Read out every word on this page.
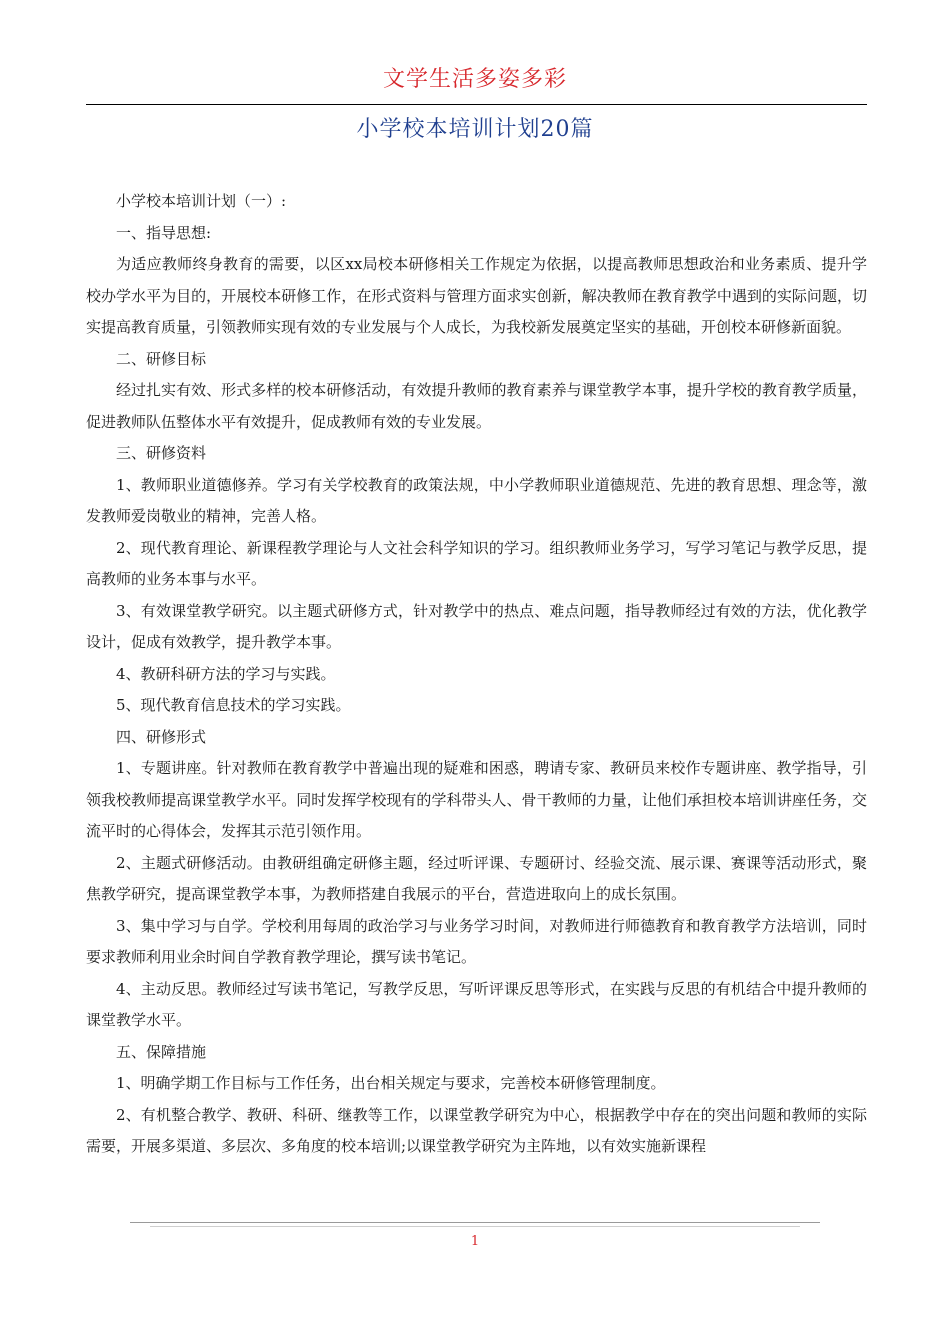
文学生活多姿多彩
小学校本培训计划20篇

小学校本培训计划（一）:

一、指导思想:

为适应教师终身教育的需要，以区xx局校本研修相关工作规定为依据，以提高教师思想政治和业务素质、提升学校办学水平为目的，开展校本研修工作，在形式资料与管理方面求实创新，解决教师在教育教学中遇到的实际问题，切实提高教育质量，引领教师实现有效的专业发展与个人成长，为我校新发展奠定坚实的基础，开创校本研修新面貌。

二、研修目标

经过扎实有效、形式多样的校本研修活动，有效提升教师的教育素养与课堂教学本事，提升学校的教育教学质量，促进教师队伍整体水平有效提升，促成教师有效的专业发展。

三、研修资料

1、教师职业道德修养。学习有关学校教育的政策法规，中小学教师职业道德规范、先进的教育思想、理念等，激发教师爱岗敬业的精神，完善人格。

2、现代教育理论、新课程教学理论与人文社会科学知识的学习。组织教师业务学习，写学习笔记与教学反思，提高教师的业务本事与水平。

3、有效课堂教学研究。以主题式研修方式，针对教学中的热点、难点问题，指导教师经过有效的方法，优化教学设计，促成有效教学，提升教学本事。

4、教研科研方法的学习与实践。

5、现代教育信息技术的学习实践。

四、研修形式

1、专题讲座。针对教师在教育教学中普遍出现的疑难和困惑，聘请专家、教研员来校作专题讲座、教学指导，引领我校教师提高课堂教学水平。同时发挥学校现有的学科带头人、骨干教师的力量，让他们承担校本培训讲座任务，交流平时的心得体会，发挥其示范引领作用。

2、主题式研修活动。由教研组确定研修主题，经过听评课、专题研讨、经验交流、展示课、赛课等活动形式，聚焦教学研究，提高课堂教学本事，为教师搭建自我展示的平台，营造进取向上的成长氛围。

3、集中学习与自学。学校利用每周的政治学习与业务学习时间，对教师进行师德教育和教育教学方法培训，同时要求教师利用业余时间自学教育教学理论，撰写读书笔记。

4、主动反思。教师经过写读书笔记，写教学反思，写听评课反思等形式，在实践与反思的有机结合中提升教师的课堂教学水平。

五、保障措施

1、明确学期工作目标与工作任务，出台相关规定与要求，完善校本研修管理制度。

2、有机整合教学、教研、科研、继教等工作，以课堂教学研究为中心，根据教学中存在的突出问题和教师的实际需要，开展多渠道、多层次、多角度的校本培训;以课堂教学研究为主阵地，以有效实施新课程

1
